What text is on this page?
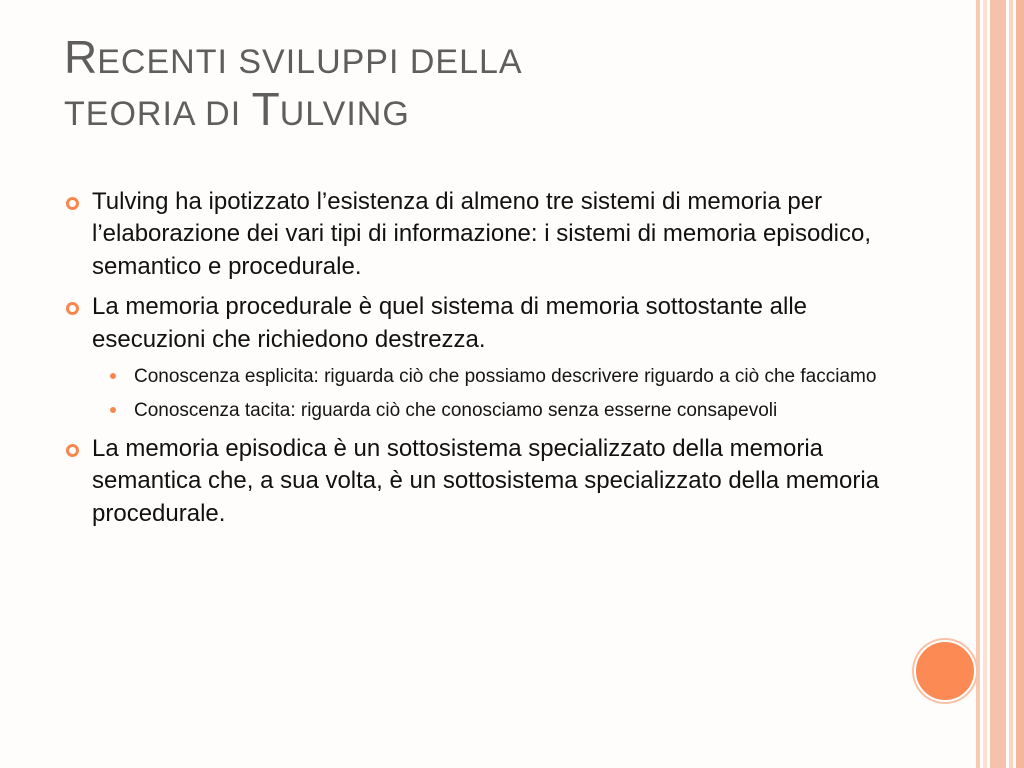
RECENTI SVILUPPI DELLA
TEORIA DI TULVING
Tulving ha ipotizzato l’esistenza di almeno tre sistemi di memoria per l’elaborazione dei vari tipi di informazione: i sistemi di memoria episodico, semantico e procedurale.
La memoria procedurale è quel sistema di memoria sottostante alle esecuzioni che richiedono destrezza.
Conoscenza esplicita: riguarda ciò che possiamo descrivere riguardo a ciò che facciamo
Conoscenza tacita: riguarda ciò che conosciamo senza esserne consapevoli
La memoria episodica è un sottosistema specializzato della memoria semantica che, a sua volta, è un sottosistema specializzato della memoria procedurale.
